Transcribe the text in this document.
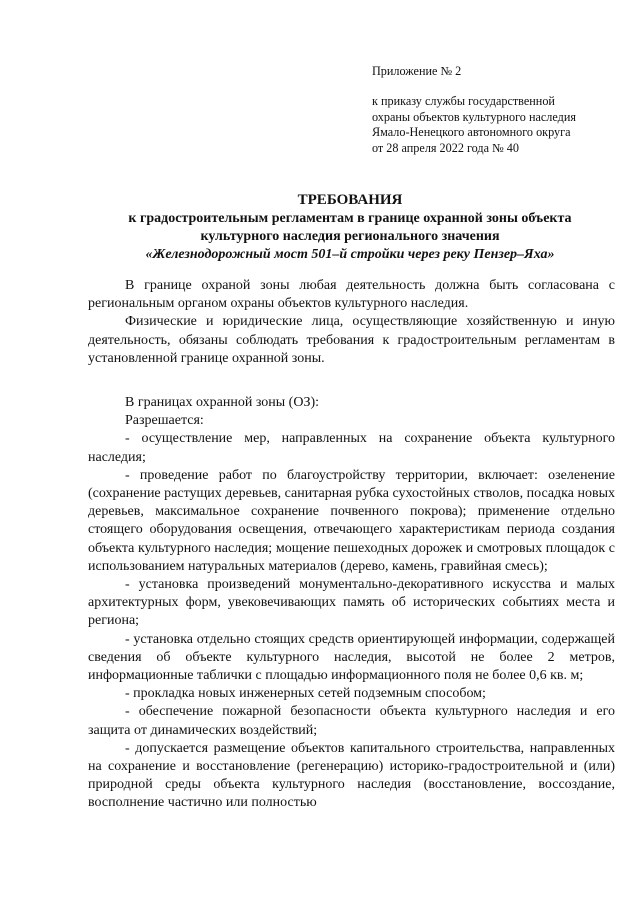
Приложение № 2
к приказу службы государственной
охраны объектов культурного наследия
Ямало-Ненецкого автономного округа
от 28 апреля 2022 года № 40
ТРЕБОВАНИЯ
к градостроительным регламентам в границе охранной зоны объекта
культурного наследия регионального значения
«Железнодорожный мост 501–й стройки через реку Пензер–Яха»

В границе охраной зоны любая деятельность должна быть согласована с региональным органом охраны объектов культурного наследия.

Физические и юридические лица, осуществляющие хозяйственную и иную деятельность, обязаны соблюдать требования к градостроительным регламентам в установленной границе охранной зоны.

В границах охранной зоны (ОЗ):

Разрешается:

- осуществление мер, направленных на сохранение объекта культурного наследия;

- проведение работ по благоустройству территории, включает: озеленение (сохранение растущих деревьев, санитарная рубка сухостойных стволов, посадка новых деревьев, максимальное сохранение почвенного покрова); применение отдельно стоящего оборудования освещения, отвечающего характеристикам периода создания объекта культурного наследия; мощение пешеходных дорожек и смотровых площадок с использованием натуральных материалов (дерево, камень, гравийная смесь);

- установка произведений монументально-декоративного искусства и малых архитектурных форм, увековечивающих память об исторических событиях места и региона;

- установка отдельно стоящих средств ориентирующей информации, содержащей сведения об объекте культурного наследия, высотой не более 2 метров, информационные таблички с площадью информационного поля не более 0,6 кв. м;

- прокладка новых инженерных сетей подземным способом;

- обеспечение пожарной безопасности объекта культурного наследия и его защита от динамических воздействий;

- допускается размещение объектов капитального строительства, направленных на сохранение и восстановление (регенерацию) историко-градостроительной и (или) природной среды объекта культурного наследия (восстановление, воссоздание, восполнение частично или полностью
